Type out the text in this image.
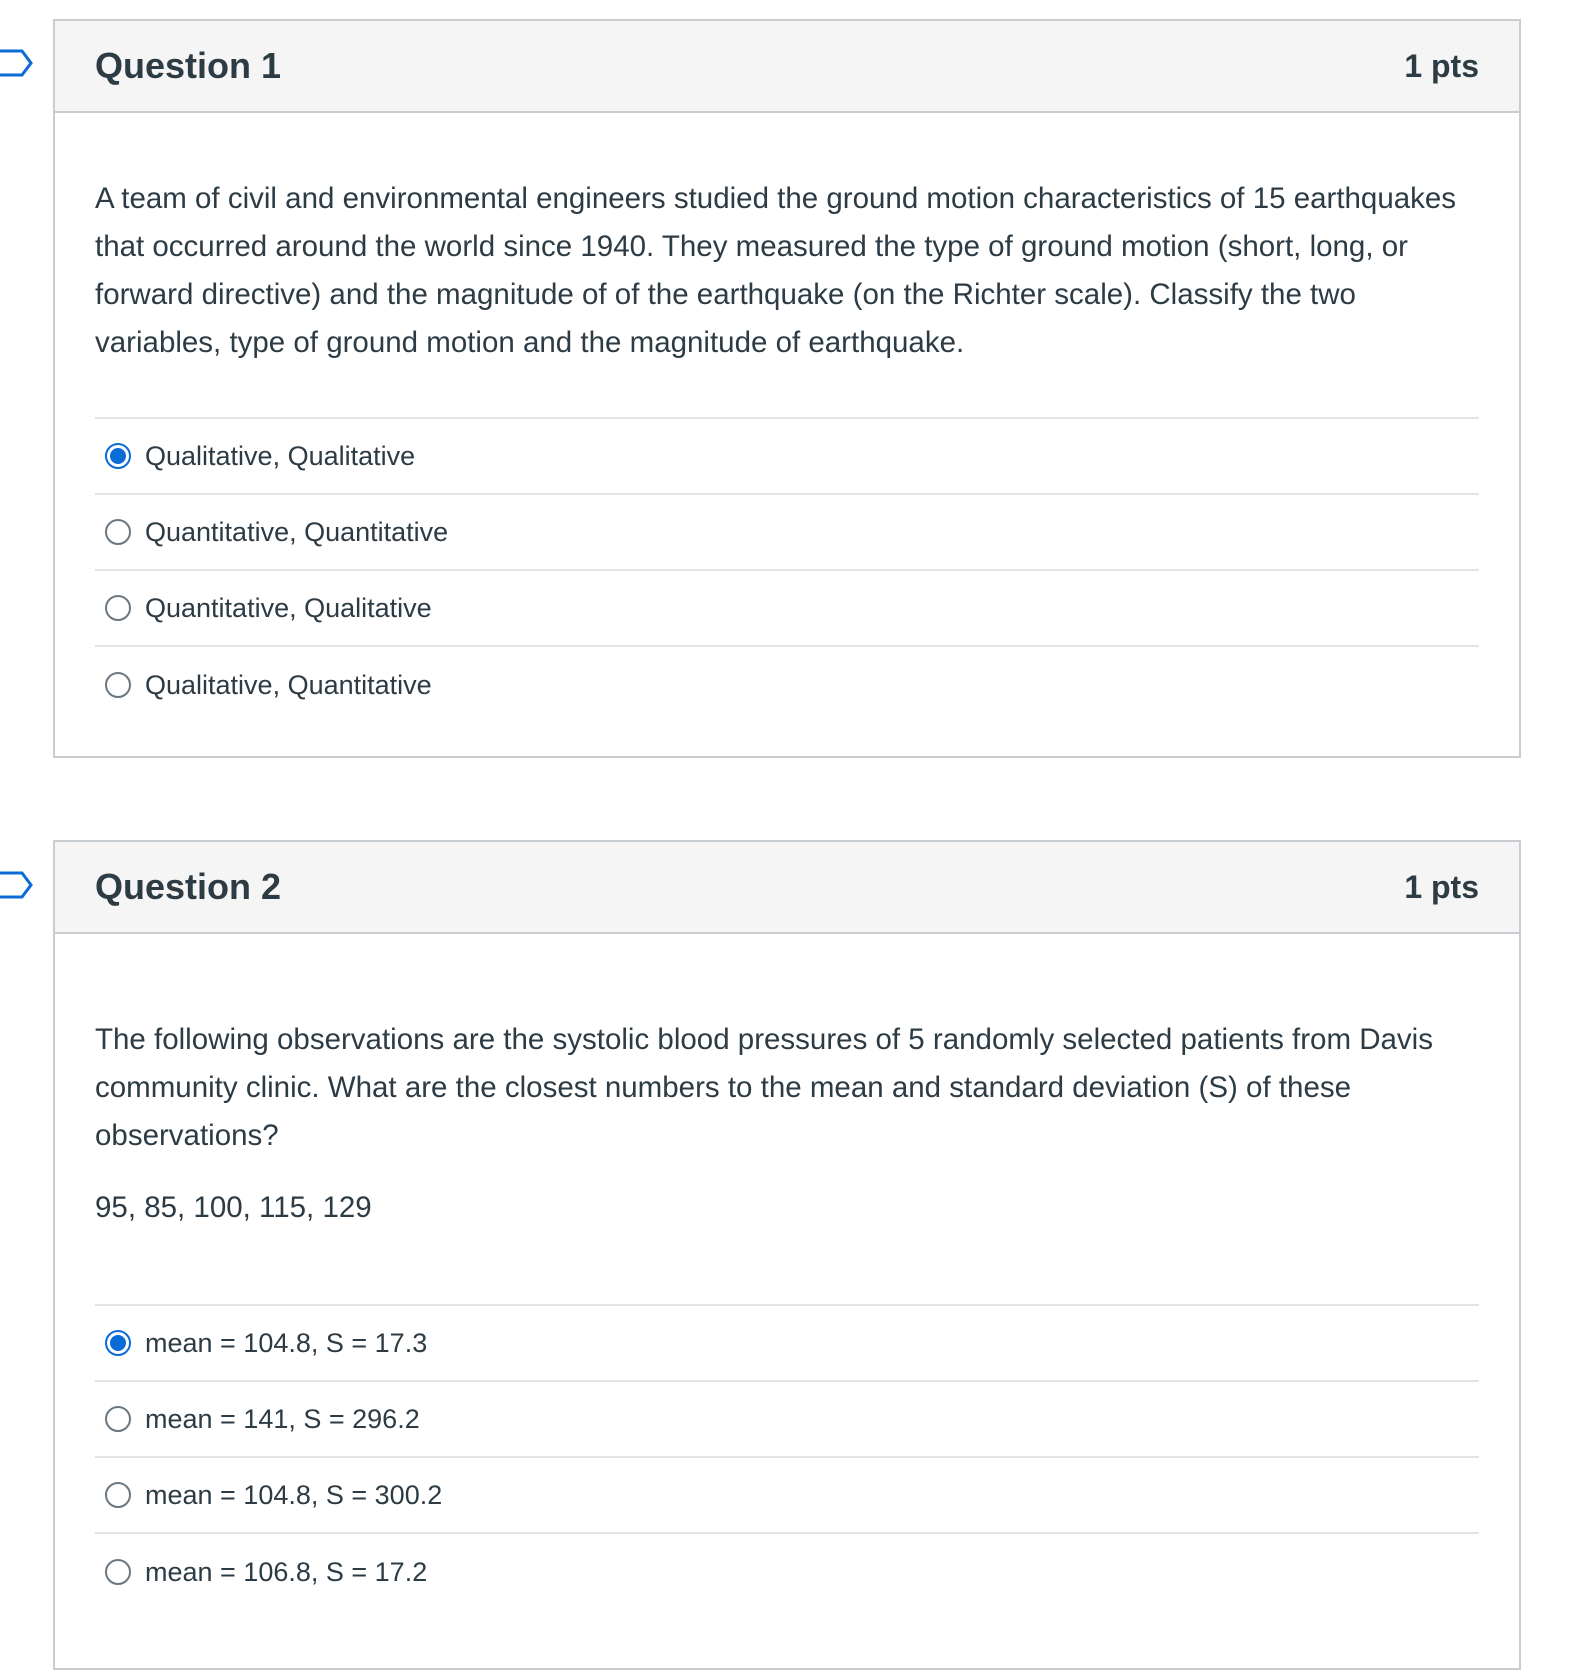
Question 1	1 pts

A team of civil and environmental engineers studied the ground motion characteristics of 15 earthquakes that occurred around the world since 1940. They measured the type of ground motion (short, long, or forward directive) and the magnitude of of the earthquake (on the Richter scale). Classify the two variables, type of ground motion and the magnitude of earthquake.

Qualitative, Qualitative
Quantitative, Quantitative
Quantitative, Qualitative
Qualitative, Quantitative
Question 2	1 pts

The following observations are the systolic blood pressures of 5 randomly selected patients from Davis community clinic. What are the closest numbers to the mean and standard deviation (S) of these observations?

95, 85, 100, 115, 129

mean = 104.8, S = 17.3
mean = 141, S = 296.2
mean = 104.8, S = 300.2
mean = 106.8, S = 17.2
